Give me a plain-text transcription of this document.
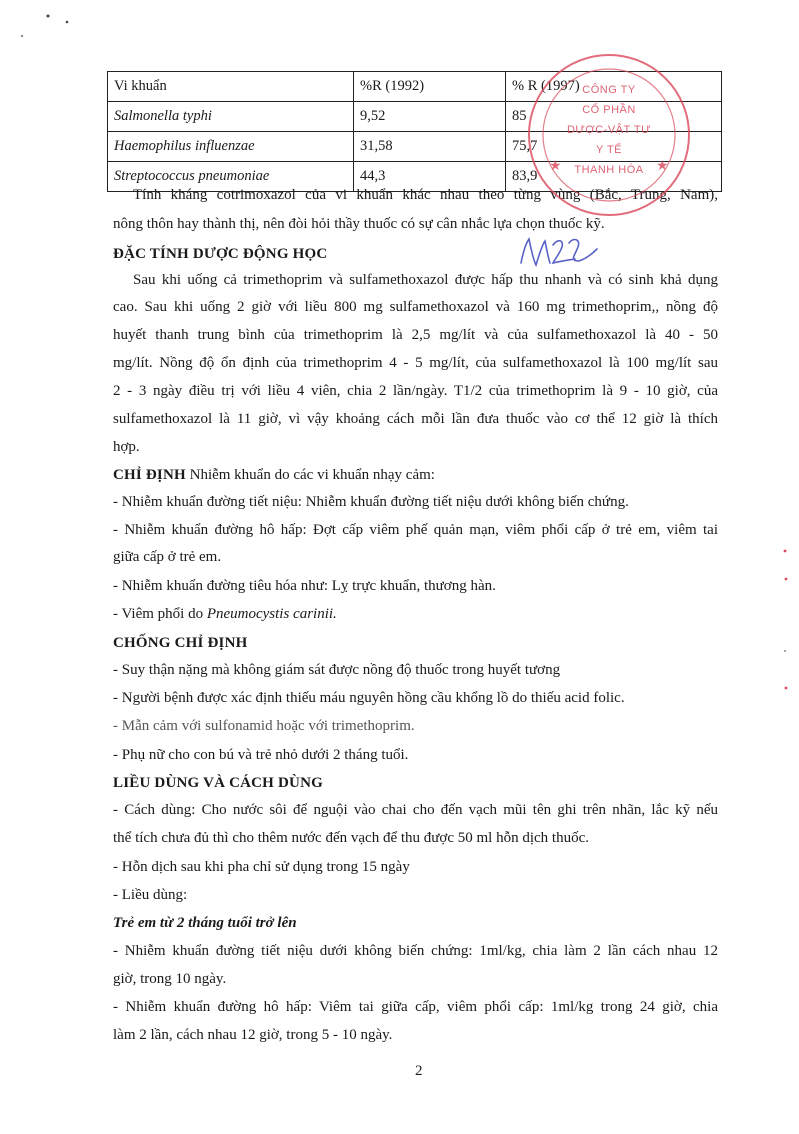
Vi khuẩn	%R (1992)	% R (1997)
Salmonella typhi	9,52	85
Haemophilus influenzae	31,58	75,7
Streptococcus pneumoniae	44,3	83,9
Tính kháng cotrimoxazol của vi khuẩn khác nhau theo từng vùng (Bắc, Trung, Nam),
nông thôn hay thành thị, nên đòi hỏi thầy thuốc có sự cân nhắc lựa chọn thuốc kỹ.
ĐẶC TÍNH DƯỢC ĐỘNG HỌC
Sau khi uống cả trimethoprim và sulfamethoxazol được hấp thu nhanh và có sinh khả dụng
cao. Sau khi uống 2 giờ với liều 800 mg sulfamethoxazol và 160 mg trimethoprim,, nồng độ
huyết thanh trung bình của trimethoprim là 2,5 mg/lít và của sulfamethoxazol là 40 - 50
mg/lít. Nồng độ ổn định của trimethoprim 4 - 5 mg/lít, của sulfamethoxazol là 100 mg/lít sau
2 - 3 ngày điều trị với liều 4 viên, chia 2 lần/ngày. T1/2 của trimethoprim là 9 - 10 giờ, của
sulfamethoxazol là 11 giờ, vì vậy khoảng cách mỗi lần đưa thuốc vào cơ thể 12 giờ là thích
hợp.
CHỈ ĐỊNH Nhiễm khuẩn do các vi khuẩn nhạy cảm:
- Nhiễm khuẩn đường tiết niệu: Nhiễm khuẩn đường tiết niệu dưới không biến chứng.
- Nhiễm khuẩn đường hô hấp: Đợt cấp viêm phế quản mạn, viêm phổi cấp ở trẻ em, viêm tai
giữa cấp ở trẻ em.
- Nhiễm khuẩn đường tiêu hóa như: Lỵ trực khuẩn, thương hàn.
- Viêm phổi do Pneumocystis carinii.
CHỐNG CHỈ ĐỊNH
- Suy thận nặng mà không giám sát được nồng độ thuốc trong huyết tương
- Người bệnh được xác định thiếu máu nguyên hồng cầu khổng lồ do thiếu acid folic.
- Mẫn cảm với sulfonamid hoặc với trimethoprim.
- Phụ nữ cho con bú và trẻ nhỏ dưới 2 tháng tuổi.
LIỀU DÙNG VÀ CÁCH DÙNG
- Cách dùng: Cho nước sôi để nguội vào chai cho đến vạch mũi tên ghi trên nhãn, lắc kỹ nếu
thể tích chưa đủ thì cho thêm nước đến vạch để thu được 50 ml hỗn dịch thuốc.
- Hỗn dịch sau khi pha chỉ sử dụng trong 15 ngày
- Liều dùng:
Trẻ em từ 2 tháng tuổi trở lên
- Nhiễm khuẩn đường tiết niệu dưới không biến chứng: 1ml/kg, chia làm 2 lần cách nhau 12
giờ, trong 10 ngày.
- Nhiễm khuẩn đường hô hấp: Viêm tai giữa cấp, viêm phổi cấp: 1ml/kg trong 24 giờ, chia
làm 2 lần, cách nhau 12 giờ, trong 5 - 10 ngày.
2
★	★
CÔNG TY
CỔ PHẦN
DƯỢC-VẬT TƯ
Y TẾ
THANH HÓA
